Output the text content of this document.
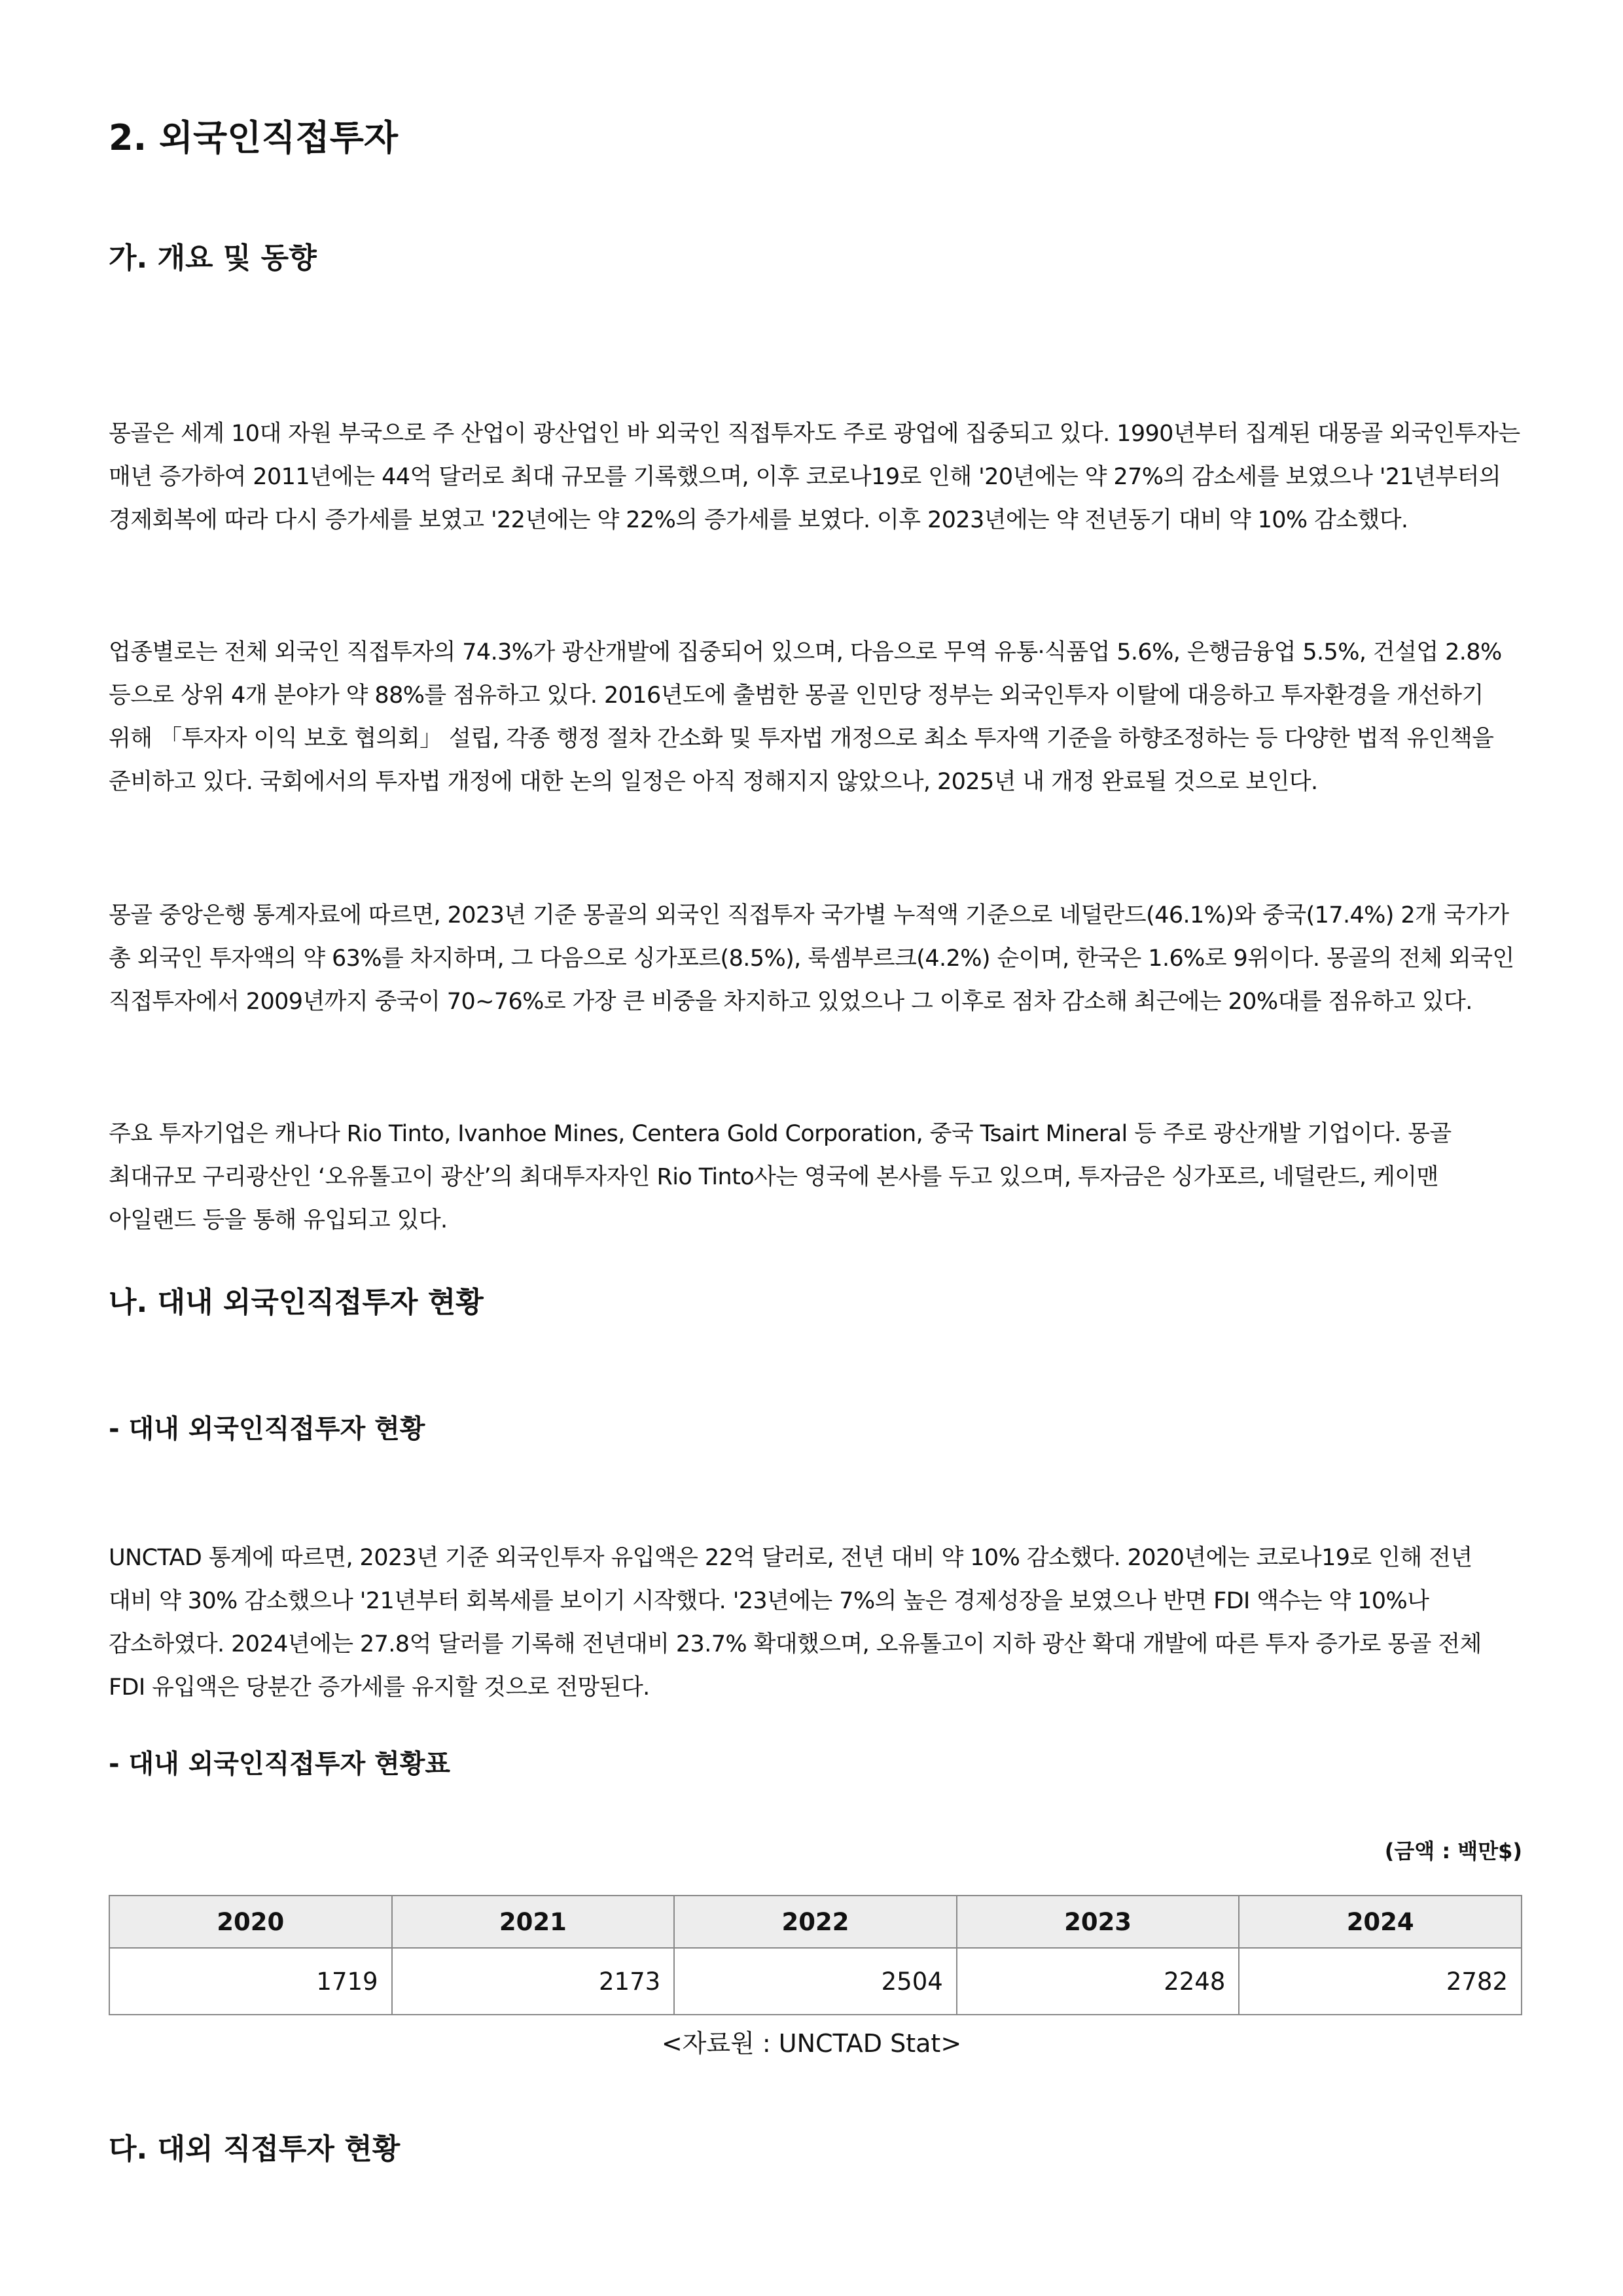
2. 외국인직접투자
가. 개요 및 동향

몽골은 세계 10대 자원 부국으로 주 산업이 광산업인 바 외국인 직접투자도 주로 광업에 집중되고 있다. 1990년부터 집계된 대몽골 외국인투자는 매년 증가하여 2011년에는 44억 달러로 최대 규모를 기록했으며, 이후 코로나19로 인해 '20년에는 약 27%의 감소세를 보였으나 '21년부터의 경제회복에 따라 다시 증가세를 보였고 '22년에는 약 22%의 증가세를 보였다. 이후 2023년에는 약 전년동기 대비 약 10% 감소했다.

업종별로는 전체 외국인 직접투자의 74.3%가 광산개발에 집중되어 있으며, 다음으로 무역 유통·식품업 5.6%, 은행금융업 5.5%, 건설업 2.8% 등으로 상위 4개 분야가 약 88%를 점유하고 있다. 2016년도에 출범한 몽골 인민당 정부는 외국인투자 이탈에 대응하고 투자환경을 개선하기 위해 「투자자 이익 보호 협의회」 설립, 각종 행정 절차 간소화 및 투자법 개정으로 최소 투자액 기준을 하향조정하는 등 다양한 법적 유인책을 준비하고 있다. 국회에서의 투자법 개정에 대한 논의 일정은 아직 정해지지 않았으나, 2025년 내 개정 완료될 것으로 보인다.

몽골 중앙은행 통계자료에 따르면, 2023년 기준 몽골의 외국인 직접투자 국가별 누적액 기준으로 네덜란드(46.1%)와 중국(17.4%) 2개 국가가 총 외국인 투자액의 약 63%를 차지하며, 그 다음으로 싱가포르(8.5%), 룩셈부르크(4.2%) 순이며, 한국은 1.6%로 9위이다. 몽골의 전체 외국인 직접투자에서 2009년까지 중국이 70~76%로 가장 큰 비중을 차지하고 있었으나 그 이후로 점차 감소해 최근에는 20%대를 점유하고 있다.

주요 투자기업은 캐나다 Rio Tinto, Ivanhoe Mines, Centera Gold Corporation, 중국 Tsairt Mineral 등 주로 광산개발 기업이다. 몽골 최대규모 구리광산인 ‘오유톨고이 광산’의 최대투자자인 Rio Tinto사는 영국에 본사를 두고 있으며, 투자금은 싱가포르, 네덜란드, 케이맨 아일랜드 등을 통해 유입되고 있다.

나. 대내 외국인직접투자 현황
- 대내 외국인직접투자 현황

UNCTAD 통계에 따르면, 2023년 기준 외국인투자 유입액은 22억 달러로, 전년 대비 약 10% 감소했다. 2020년에는 코로나19로 인해 전년 대비 약 30% 감소했으나 '21년부터 회복세를 보이기 시작했다. '23년에는 7%의 높은 경제성장을 보였으나 반면 FDI 액수는 약 10%나 감소하였다. 2024년에는 27.8억 달러를 기록해 전년대비 23.7% 확대했으며, 오유톨고이 지하 광산 확대 개발에 따른 투자 증가로 몽골 전체 FDI 유입액은 당분간 증가세를 유지할 것으로 전망된다.

- 대내 외국인직접투자 현황표

(금액 : 백만$)

2020	2021	2022	2023	2024
1719	2173	2504	2248	2782

<자료원 : UNCTAD Stat>

다. 대외 직접투자 현황
